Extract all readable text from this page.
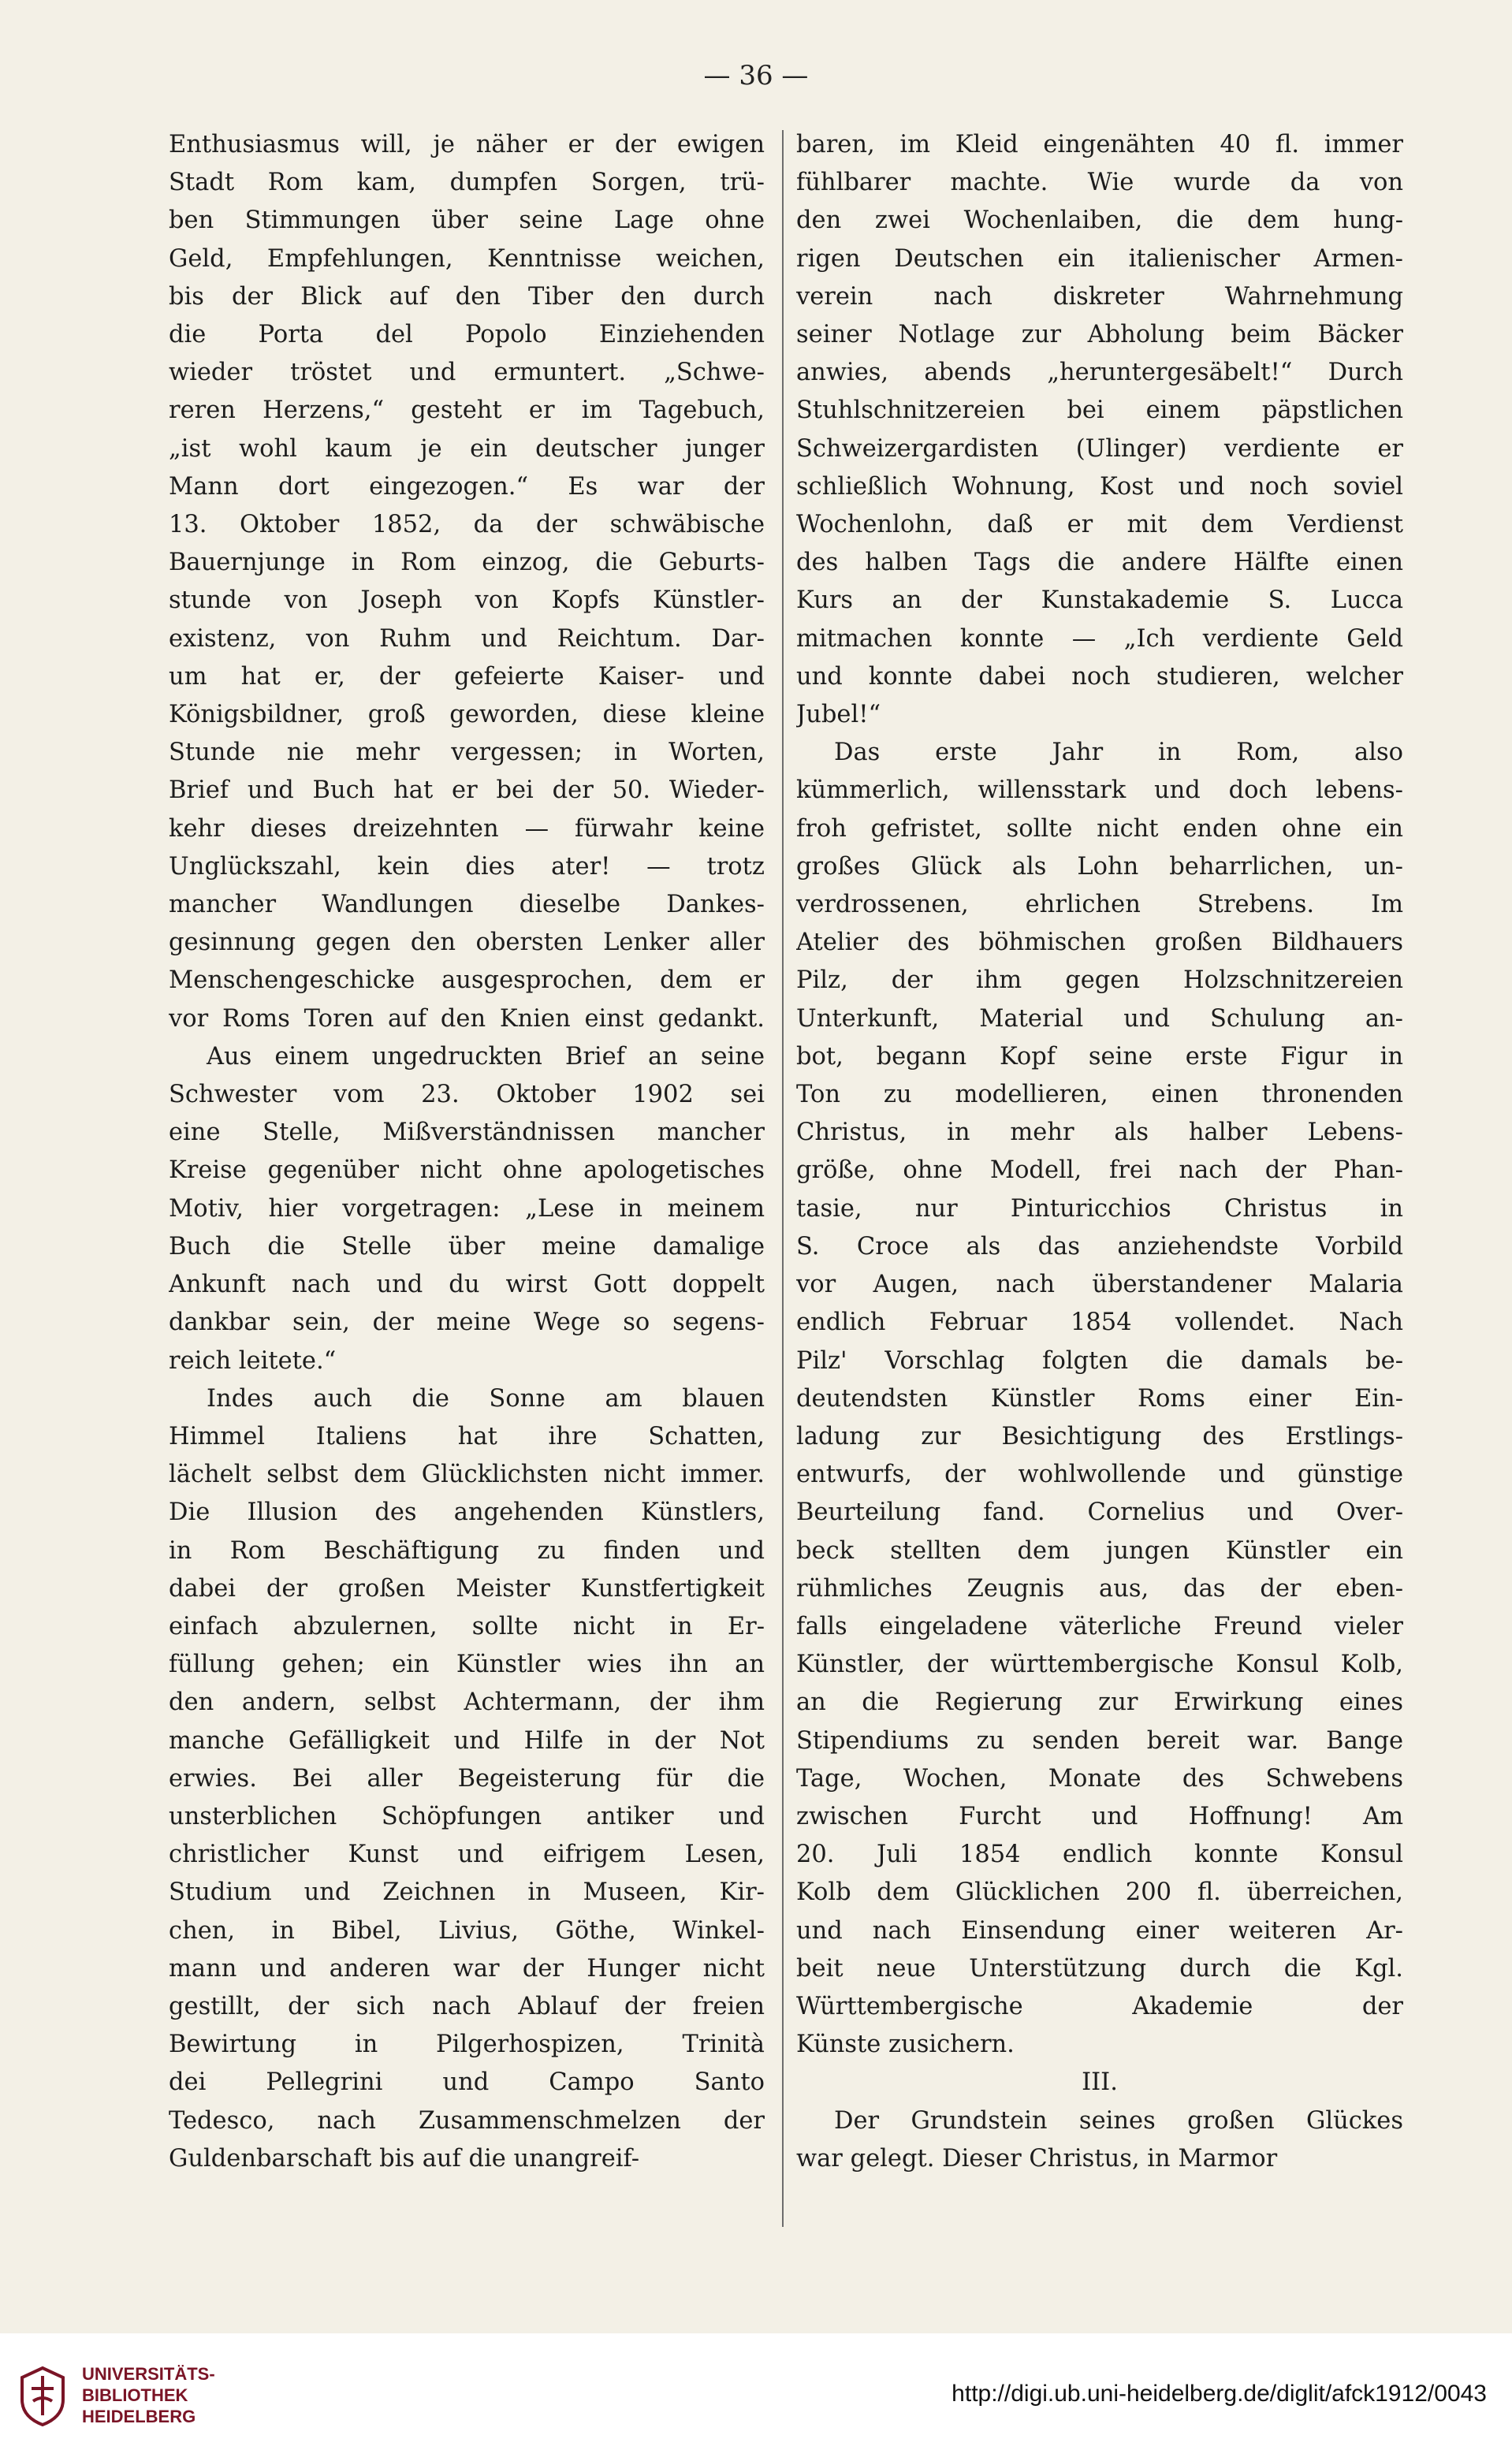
— 36 —
Enthusiasmus will, je näher er der ewigen
Stadt Rom kam, dumpfen Sorgen, trü-
ben Stimmungen über seine Lage ohne
Geld, Empfehlungen, Kenntnisse weichen,
bis der Blick auf den Tiber den durch
die Porta del Popolo Einziehenden
wieder tröstet und ermuntert. „Schwe-
reren Herzens,“ gesteht er im Tagebuch,
„ist wohl kaum je ein deutscher junger
Mann dort eingezogen.“ Es war der
13. Oktober 1852, da der schwäbische
Bauernjunge in Rom einzog, die Geburts-
stunde von Joseph von Kopfs Künstler-
existenz, von Ruhm und Reichtum. Dar-
um hat er, der gefeierte Kaiser- und
Königsbildner, groß geworden, diese kleine
Stunde nie mehr vergessen; in Worten,
Brief und Buch hat er bei der 50. Wieder-
kehr dieses dreizehnten — fürwahr keine
Unglückszahl, kein dies ater! — trotz
mancher Wandlungen dieselbe Dankes-
gesinnung gegen den obersten Lenker aller
Menschengeschicke ausgesprochen, dem er
vor Roms Toren auf den Knien einst gedankt.
Aus einem ungedruckten Brief an seine
Schwester vom 23. Oktober 1902 sei
eine Stelle, Mißverständnissen mancher
Kreise gegenüber nicht ohne apologetisches
Motiv, hier vorgetragen: „Lese in meinem
Buch die Stelle über meine damalige
Ankunft nach und du wirst Gott doppelt
dankbar sein, der meine Wege so segens-
reich leitete.“
Indes auch die Sonne am blauen
Himmel Italiens hat ihre Schatten,
lächelt selbst dem Glücklichsten nicht immer.
Die Illusion des angehenden Künstlers,
in Rom Beschäftigung zu finden und
dabei der großen Meister Kunstfertigkeit
einfach abzulernen, sollte nicht in Er-
füllung gehen; ein Künstler wies ihn an
den andern, selbst Achtermann, der ihm
manche Gefälligkeit und Hilfe in der Not
erwies. Bei aller Begeisterung für die
unsterblichen Schöpfungen antiker und
christlicher Kunst und eifrigem Lesen,
Studium und Zeichnen in Museen, Kir-
chen, in Bibel, Livius, Göthe, Winkel-
mann und anderen war der Hunger nicht
gestillt, der sich nach Ablauf der freien
Bewirtung in Pilgerhospizen, Trinità
dei Pellegrini und Campo Santo
Tedesco, nach Zusammenschmelzen der
Guldenbarschaft bis auf die unangreif-
baren, im Kleid eingenähten 40 fl. immer
fühlbarer machte. Wie wurde da von
den zwei Wochenlaiben, die dem hung-
rigen Deutschen ein italienischer Armen-
verein nach diskreter Wahrnehmung
seiner Notlage zur Abholung beim Bäcker
anwies, abends „heruntergesäbelt!“ Durch
Stuhlschnitzereien bei einem päpstlichen
Schweizergardisten (Ulinger) verdiente er
schließlich Wohnung, Kost und noch soviel
Wochenlohn, daß er mit dem Verdienst
des halben Tags die andere Hälfte einen
Kurs an der Kunstakademie S. Lucca
mitmachen konnte — „Ich verdiente Geld
und konnte dabei noch studieren, welcher
Jubel!“
Das erste Jahr in Rom, also
kümmerlich, willensstark und doch lebens-
froh gefristet, sollte nicht enden ohne ein
großes Glück als Lohn beharrlichen, un-
verdrossenen, ehrlichen Strebens. Im
Atelier des böhmischen großen Bildhauers
Pilz, der ihm gegen Holzschnitzereien
Unterkunft, Material und Schulung an-
bot, begann Kopf seine erste Figur in
Ton zu modellieren, einen thronenden
Christus, in mehr als halber Lebens-
größe, ohne Modell, frei nach der Phan-
tasie, nur Pinturicchios Christus in
S. Croce als das anziehendste Vorbild
vor Augen, nach überstandener Malaria
endlich Februar 1854 vollendet. Nach
Pilz' Vorschlag folgten die damals be-
deutendsten Künstler Roms einer Ein-
ladung zur Besichtigung des Erstlings-
entwurfs, der wohlwollende und günstige
Beurteilung fand. Cornelius und Over-
beck stellten dem jungen Künstler ein
rühmliches Zeugnis aus, das der eben-
falls eingeladene väterliche Freund vieler
Künstler, der württembergische Konsul Kolb,
an die Regierung zur Erwirkung eines
Stipendiums zu senden bereit war. Bange
Tage, Wochen, Monate des Schwebens
zwischen Furcht und Hoffnung! Am
20. Juli 1854 endlich konnte Konsul
Kolb dem Glücklichen 200 fl. überreichen,
und nach Einsendung einer weiteren Ar-
beit neue Unterstützung durch die Kgl.
Württembergische Akademie der
Künste zusichern.
III.
Der Grundstein seines großen Glückes
war gelegt. Dieser Christus, in Marmor
UNIVERSITÄTS-
BIBLIOTHEK
HEIDELBERG
http://digi.ub.uni-heidelberg.de/diglit/afck1912/0043
